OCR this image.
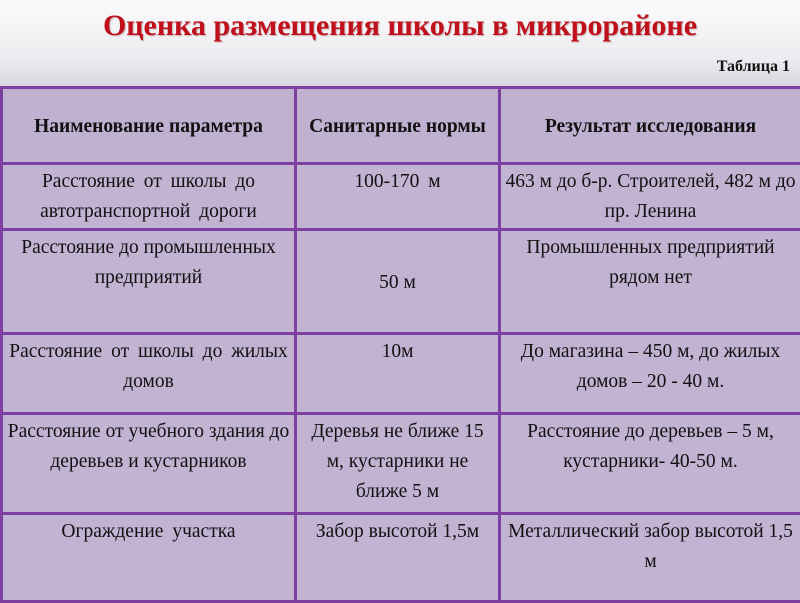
Оценка размещения школы в микрорайоне
Таблица 1
Наименование параметра	Санитарные нормы	Результат исследования
Расстояние от школы до автотранспортной дороги	100-170 м	463 м до б-р. Строителей, 482 м до пр. Ленина
Расстояние до промышленных предприятий	50 м	Промышленных предприятий рядом нет
Расстояние от школы до жилых домов	10м	До магазина – 450 м, до жилых домов – 20 - 40 м.
Расстояние от учебного здания до деревьев и кустарников	Деревья не ближе 15 м, кустарники не ближе 5 м	Расстояние до деревьев – 5 м, кустарники- 40-50 м.
Ограждение участка	Забор высотой 1,5м	Металлический забор высотой 1,5 м
